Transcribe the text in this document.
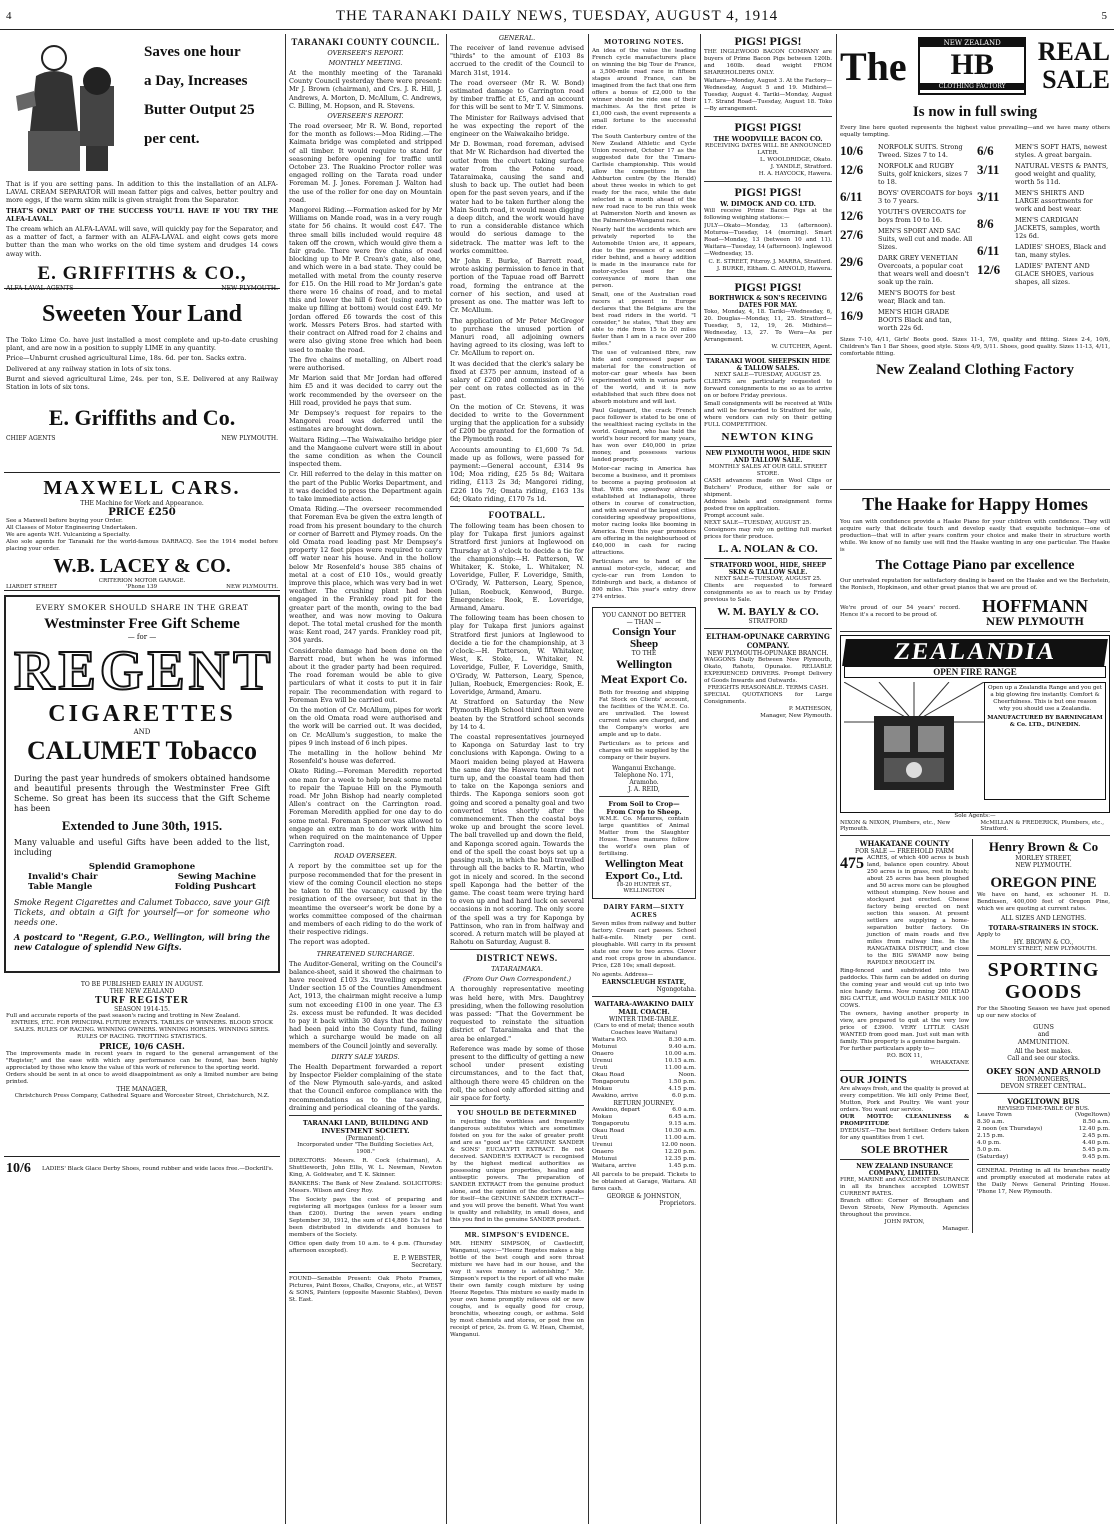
4	THE TARANAKI DAILY NEWS, TUESDAY, AUGUST 4, 1914	5
Saves one hour
a Day, Increases
Butter Output 25
per cent.
That is if you are setting pans. In addition to this the installation of an ALFA-LAVAL CREAM SEPARATOR will mean fatter pigs and calves, better poultry and more eggs, if the warm skim milk is given straight from the Separator.
THAT'S ONLY PART OF THE SUCCESS YOU'LL HAVE IF YOU TRY THE ALFA-LAVAL.
The cream which an ALFA-LAVAL will save, will quickly pay for the Separator, and as a matter of fact, a farmer with an ALFA-LAVAL and eight cows gets more butter than the man who works on the old time system and drudges 14 cows away with.
E. GRIFFITHS & CO.,
ALFA-LAVAL AGENTS	NEW PLYMOUTH.
Sweeten Your Land
The Toko Lime Co. have just installed a most complete and up-to-date crushing plant, and are now in a position to supply LIME in any quantity.
Price—Unburnt crushed agricultural Lime, 18s. 6d. per ton. Sacks extra.
Delivered at any railway station in lots of six tons.
Burnt and sieved agricultural Lime, 24s. per ton, S.E. Delivered at any Railway Station in lots of six tons.
E. Griffiths and Co.
CHIEF AGENTS	NEW PLYMOUTH.
MAXWELL CARS.
THE Machine for Work and Appearance.
PRICE £250
See a Maxwell before buying your Order.
All Classes of Motor Engineering Undertaken.
We are agents W.H. Vulcanizing a Specialty.
Also sole agents for Taranaki for the world-famous DARRACQ. See the 1914 model before placing your order.
W.B. LACEY & CO.
CRITERION MOTOR GARAGE.
LIARDET STREET	'Phone 139	NEW PLYMOUTH.
EVERY SMOKER SHOULD SHARE IN THE GREAT
Westminster Free Gift Scheme
— for —
REGENT
CIGARETTES
AND
CALUMET Tobacco
During the past year hundreds of smokers obtained handsome and beautiful presents through the Westminster Free Gift Scheme. So great has been its success that the Gift Scheme has been
Extended to June 30th, 1915.
Many valuable and useful Gifts have been added to the list, including
Splendid Gramophone
Invalid's Chair	Sewing Machine
Table Mangle	Folding Pushcart
Smoke Regent Cigarettes and Calumet Tobacco, save your Gift Tickets, and obtain a Gift for yourself—or for someone who needs one.
A postcard to "Regent, G.P.O., Wellington, will bring the new Catalogue of splendid New Gifts.
TO BE PUBLISHED EARLY IN AUGUST.
THE NEW ZEALAND
TURF REGISTER
SEASON 1914-15.
Full and accurate reports of the past season's racing and trotting in New Zealand.
ENTRIES, ETC. FOR PRINCIPAL FUTURE EVENTS. TABLES OF WINNERS. BLOOD STOCK SALES. RULES OF RACING. WINNING OWNERS. WINNING HORSES. WINNING SIRES. RULES OF RACING. TROTTING STATISTICS.
PRICE, 10/6 CASH.
The improvements made in recent years in regard to the general arrangement of the "Register," and the ease with which any performance can be found, has been highly appreciated by those who know the value of this work of reference to the sporting world.
Orders should be sent in at once to avoid disappointment as only a limited number are being printed.
THE MANAGER,
Christchurch Press Company, Cathedral Square and Worcester Street, Christchurch, N.Z.
10/6	LADIES' Black Glace Derby Shoes, round rubber and wide laces free.—Dockrill's.
TARANAKI COUNTY COUNCIL.
OVERSEER'S REPORT.
MONTHLY MEETING.
At the monthly meeting of the Taranaki County Council yesterday there were present: Mr J. Brown (chairman), and Crs. J. R. Hill, J. Andrews, A. Morton, D. McAllum, C. Andrews, C. Billing, M. Hopson, and R. Stevens.
OVERSEER'S REPORT.
The road overseer, Mr R. W. Bond, reported for the month as follows:—Moa Riding.—The Kaimata bridge was completed and stripped of all timber. It would require to stand for seasoning before opening for traffic until October 23. The Ruakino Proctor roller was engaged rolling on the Tarata road under Foreman M. J. Jones. Foreman J. Walton had the use of the roller for one day on Mountain road.
Mangorei Riding.—Formation asked for by Mr Williams on Mande road, was in a very rough state for 56 chains. It would cost £47. The three small bills included would require 48 taken off the crown, which would give them a fair grade. There were five chains of road blocking up to Mr P. Crean's gate, also one, and which were in a bad state. They could be metalled with metal from the county reserve for £15. On the Hill road to Mr Jordan's gate there were 16 chains of road, and to metal this and lower the hill 6 feet (using earth to make up filling at bottom) would cost £49. Mr Jordan offered £6 towards the cost of this work. Messrs Peters Bros. had started with their contract on Alfred road for 2 chains and were also giving stone free which had been used to make the road.
The five chains of metalling, on Albert road were authorised.
Mr Marion said that Mr Jordan had offered him £5 and it was decided to carry out the work recommended by the overseer on the Hill road, provided he pays that sum.
Mr Dempsey's request for repairs to the Mangorei road was deferred until the estimates are brought down.
Waitara Riding.—The Waiwakaiho bridge pier and the Mangaone culvert were still in about the same condition as when the Council inspected them.
Cr. Hill referred to the delay in this matter on the part of the Public Works Department, and it was decided to press the Department again to take immediate action.
Omata Riding.—The overseer recommended that Foreman Eva be given the extra length of road from his present boundary to the church or corner of Barrett and Plymey roads. On the old Omata road leading past Mr Dempsey's property 12 feet pipes were required to carry off water near his house. And in the hollow below Mr Rosenfeld's house 385 chains of metal at a cost of £10 10s., would greatly improve this place, which was very bad in wet weather. The crushing plant had been engaged in the Frankley road pit for the greater part of the month, owing to the bad weather, and was now moving to Oakura depot. The total metal crushed for the month was: Kent road, 247 yards. Frankley road pit, 304 yards.
Considerable damage had been done on the Barrett road, but when he was informed about it the grader party had been required. The road foreman would be able to give particulars of what it costs to put it in fair repair. The recommendation with regard to Foreman Eva will be carried out.
On the motion of Cr. McAllum, pipes for work on the old Omata road were authorised and the work will be carried out. It was decided, on Cr. McAllum's suggestion, to make the pipes 9 inch instead of 6 inch pipes.
The metalling in the hollow behind Mr Rosenfeld's house was deferred.
Okato Riding.—Foreman Meredith reported one man for a week to help break some metal to repair the Tapuae Hill on the Plymouth road. Mr John Bishop had nearly completed Allen's contract on the Carrington road. Foreman Meredith applied for one day to do some metal. Foreman Spencer was allowed to engage an extra man to do work with him when required on the maintenance of Upper Carrington road.
ROAD OVERSEER.
A report by the committee set up for the purpose recommended that for the present in view of the coming Council election no steps be taken to fill the vacancy caused by the resignation of the overseer, but that in the meantime the overseer's work be done by a works committee composed of the chairman and members of each riding to do the work of their respective ridings.
The report was adopted.
THREATENED SURCHARGE.
The Auditor-General, writing on the Council's balance-sheet, said it showed the chairman to have received £103 2s. travelling expenses. Under section 15 of the Counties Amendment Act, 1913, the chairman might receive a lump sum not exceeding £100 in one year. The £3 2s. excess must be refunded. It was decided to pay it back within 30 days that the money had been paid into the County fund, failing which a surcharge would be made on all members of the Council jointly and severally.
DIRTY SALE YARDS.
The Health Department forwarded a report by Inspector Fielder complaining of the state of the New Plymouth sale-yards, and asked that the Council enforce compliance with the recommendations as to the tar-sealing, draining and periodical cleaning of the yards.
TARANAKI LAND, BUILDING AND INVESTMENT SOCIETY.
(Permanent).
Incorporated under "The Building Societies Act, 1908."
DIRECTORS: Messrs. R. Cock (chairman), A. Shuttleworth, John Ellis, W. L. Newman, Newton King, A. Goldwater, and T. K. Skinner.
BANKERS: The Bank of New Zealand. SOLICITORS: Messrs. Wilson and Grey Roy.
The Society pays the cost of preparing and registering all mortgages (unless for a lesser sum than £200). During the seven years ending September 30, 1912, the sum of £14,886 12s 1d had been distributed in dividends and bonuses to members of the Society.
Office open daily from 10 a.m. to 4 p.m. (Thursday afternoon excepted).
E. P. WEBSTER,
Secretary.
FOUND—Sensible Present: Oak Photo Frames, Pictures, Paint Boxes, Chalks, Crayons, etc., at WEST & SONS, Painters (opposite Masonic Stables), Devon St. East.
GENERAL.
The receiver of land revenue advised "thirds" to the amount of £103 8s accrued to the credit of the Council to March 31st, 1914.
The road overseer (Mr R. W. Bond) estimated damage to Carrington road by timber traffic at £5, and an account for this will be sent to Mr T. V. Simmons.
The Minister for Railways advised that he was expecting the report of the engineer on the Waiwakaiho bridge.
Mr D. Bowman, road foreman, advised that Mr W. Richardson had diverted the outlet from the culvert taking surface water from the Potone road, Tataraimaka, causing the sand and slush to back up. The outlet had been open for the past seven years, and if the water had to be taken further along the Main South road, it would mean digging a deep ditch, and the work would have to run a considerable distance which would do serious damage to the sidetrack. The matter was left to the works committee.
Mr John E. Burke, of Barrett road, wrote asking permission to fence in that portion of the Tapuae road off Barrett road, forming the entrance at the corner of his section, and used at present as one. The matter was left to Cr. McAllum.
The application of Mr Peter McGregor to purchase the unused portion of Manuri road, all adjoining owners having agreed to its closing, was left to Cr. McAllum to report on.
It was decided that the clerk's salary be fixed at £375 per annum, instead of a salary of £200 and commission of 2½ per cent on rates collected as in the past.
On the motion of Cr. Stevens, it was decided to write to the Government urging that the application for a subsidy of £200 be granted for the formation of the Plymouth road.
Accounts amounting to £1,600 7s 5d. made up as follows, were passed for payment:—General account, £314 9s 10d; Moa riding, £25 5s 8d; Waitara riding, £113 2s 3d; Mangorei riding, £226 10s 7d; Omata riding, £163 13s 6d; Okato riding, £170 7s 1d.
FOOTBALL.
The following team has been chosen to play for Tukapa first juniors against Stratford first juniors at Inglewood on Thursday at 3 o'clock to decide a tie for the championship:—H. Patterson, W. Whitaker, K. Stoke, L. Whitaker, N. Loveridge, Fuller, F. Loveridge, Smith, O'Grady, W. Patterson, Leary, Spence, Julian, Roebuck, Kenwood, Burge. Emergencies: Rook, E. Loveridge, Armand, Amaru.
The following team has been chosen to play for Tukapa first juniors against Stratford first juniors at Inglewood to decide a tie for the championship, at 3 o'clock:—H. Patterson, W. Whitaker, West, K. Stoke, L. Whitaker, N. Loveridge, Fuller, F. Loveridge, Smith, O'Grady, W. Patterson, Leary, Spence, Julian, Roebuck, Emergencies: Rook, E. Loveridge, Armand, Amaru.
At Stratford on Saturday the New Plymouth High School third fifteen were beaten by the Stratford school seconds by 14 to 4.
The coastal representatives journeyed to Kaponga on Saturday last to try conclusions with Kaponga. Owing to a Maori maiden being played at Hawera the same day the Hawera team did not turn up, and the coastal team had then to take on the Kaponga seniors and thirds. The Kaponga seniors soon got going and scored a penalty goal and two converted tries shortly after the commencement. Then the coastal boys woke up and brought the score level. The ball travelled up and down the field, and Kaponga scored again. Towards the end of the spell the coast boys set up a passing rush, in which the ball travelled through all the backs to R. Martin, who got in nicely and scored. In the second spell Kaponga had the better of the game. The coast team were trying hard to even up and had hard luck on several occasions in not scoring. The only score of the spell was a try for Kaponga by Pattinson, who ran in from halfway and scored. A return match will be played at Rahotu on Saturday, August 8.
DISTRICT NEWS.
TATARAIMAKA.
(From Our Own Correspondent.)
A thoroughly representative meeting was held here, with Mrs. Daughtrey presiding, when the following resolution was passed: "That the Government be requested to reinstate the situation district of Tataraimaka and that the area be enlarged."
Reference was made by some of those present to the difficulty of getting a new school under present existing circumstances, and to the fact that, although there were 45 children on the roll, the school only afforded sitting and air space for forty.
YOU SHOULD BE DETERMINED
in rejecting the worthless and frequently dangerous substitutes which are sometimes foisted on you for the sake of greater profit and are as "good as" the GENUINE SANDER & SONS' EUCALYPTI EXTRACT. Be not deceived. SANDER'S EXTRACT is recognised by the highest medical authorities as possessing unique properties, healing and antiseptic powers. The preparation of SANDER EXTRACT from the genuine product alone, and the opinion of the doctors speaks for itself—the GENUINE SANDER EXTRACT—and you will prove the benefit. What You want is quality and reliability, in small doses, and this you find in the genuine SANDER product.
MR. SIMPSON'S EVIDENCE.
MR. HENRY SIMPSON, of Castlecliff, Wanganui, says:—"Heenz Regetes makes a big bottle of the best cough and sore throat mixture we have had in our house, and the way it saves money is astonishing." Mr. Simpson's report is the report of all who make their own family cough mixture by using Heenz Regetes. This mixture so easily made in your own home promptly relieves old or new coughs, and is equally good for croup, bronchitis, wheezing cough, or asthma. Sold by most chemists and stores, or post free on receipt of price, 2s. from G. W. Hean, Chemist, Wanganui.
MOTORING NOTES.
An idea of the value the leading French cycle manufacturers place on winning the big Tour de France, a 3,500-mile road race in fifteen stages around France, can be imagined from the fact that one firm offers a bonus of £2,000 to the winner should be ride one of their machines. As the first prize is £1,000 cash, the event represents a small fortune to the successful rider.
The South Canterbury centre of the New Zealand Athletic and Cycle Union received, October 17 as the suggested date for the Timaru-Carlisle championship. This would allow the competitors in the Ashburton centre (by the Herald) about three weeks in which to get ready for the race, while the date selected in a month ahead of the new road race to be run this week at Palmerston North and known as the Palmerston-Wanganui race.
Nearly half the accidents which are privately reported to the Automobile Union are, it appears, due to the presence of a second rider behind, and a heavy addition is made in the insurance rate for motor-cycles used for the conveyance of more than one person.
Small, one of the Australian road racers at present in Europe declares that the Belgians are the best road riders in the world. "I consider," he states, "that they are able to ride from 15 to 20 miles faster than I am in a race over 200 miles."
The use of vulcanised fibre, raw hide and compressed paper as material for the construction of motor-car gear wheels has been experimented with in various parts of the world, and it is now established that such fibre does not absorb moisture and will last.
Paul Guignard, the crack French pace follower is stated to be one of the wealthiest racing cyclists in the world. Guignard, who has held the world's hour record for many years, has won over £40,000 in prize money, and possesses various landed property.
Motor-car racing in America has become a business, and it promises to become a paying profession at that. With one speedway already established at Indianapolis, three others in course of construction, and with several of the largest cities considering speedway propositions, motor racing looks like booming in America. Even this year promoters are offering in the neighbourhood of £40,000 in cash for racing attractions.
Particulars are to hand of the annual motor-cycle, sidecar, and cycle-car run from London to Edinburgh and back, a distance of 800 miles. This year's entry drew 274 entries.
YOU CANNOT DO BETTER
— THAN —
Consign Your Sheep
TO THE
Wellington
Meat Export Co.
Both for freezing and shipping Fat Stock on Clients' account, the facilities of the W.M.E. Co. are unrivalled. The lowest current rates are charged, and the Company's works are ample and up to date.
Particulars as to prices and charges will be supplied by the company or their buyers.
Wanganui Exchange.
Telephone No. 171,
Aramoho.
J. A. REID,
From Soil to Crop—From Crop to Sheep.
W.M.E. Co. Manures, contain large quantities of Animal Matter from the Slaughter House. These manures follow the world's own plan of fertilising.
Wellington Meat
Export Co., Ltd.
18-20 HUNTER ST., WELLINGTON
DAIRY FARM—SIXTY ACRES
Seven miles from railway and butter factory. Cream cart passes. School half-a-mile. Ninety per cent. ploughable. Will carry in its present state one cow to two acres. Clover and root crops grow in abundance. Price, £28 10s; small deposit.
No agents. Address—
EARNSCLEUGH ESTATE,
Ngongotaha.
WAITARA-AWAKINO DAILY MAIL COACH.
WINTER TIME-TABLE.
(Cars to end of metal; thence south Coaches leave Waitara)
Waitara P.O.	8.30 a.m.
Motunui	9.40 a.m.
Onaero	10.00 a.m.
Urenui	10.15 a.m.
Uruti	11.00 a.m.
Okau Road	Noon.
Tongaporutu	1.50 p.m.
Mokau	4.15 p.m.
Awakino, arrive	6.0 p.m.
RETURN JOURNEY.
Awakino, depart	6.0 a.m.
Mokau	6.45 a.m.
Tongaporutu	9.15 a.m.
Okau Road	10.30 a.m.
Uruti	11.00 a.m.
Urenui	12.00 noon.
Onaero	12.20 p.m.
Motunui	12.35 p.m.
Waitara, arrive	1.45 p.m.
All parcels to be prepaid. Tickets to be obtained at Garage, Waitara. All fares cash.
GEORGE & JOHNSTON,
Proprietors.
PIGS! PIGS!
THE INGLEWOOD BACON COMPANY are buyers of Prime Bacon Pigs between 120lb. and 160lb. dead weight FROM SHAREHOLDERS ONLY.
Waitara—Monday, August 3. At the Factory—Wednesday, August 5 and 19. Midhirst—Tuesday, August 4. Tariki—Monday, August 17. Strand Road—Tuesday, August 18. Toko—By arrangement.
PIGS! PIGS!
THE WOODVILLE BACON CO.
RECEIVING DATES WILL BE ANNOUNCED LATER.
L. WOOLDRIDGE, Okato.
J. YANDLE, Stratford.
H. A. HAYCOCK, Hawera.
PIGS! PIGS!
W. DIMOCK AND CO. LTD.
Will receive Prime Bacon Pigs at the following weighing stations:—
JULY—Okato—Monday, 13 (afternoon). Moturoa—Tuesday, 14 (morning). Smart Road—Monday, 13 (between 10 and 11). Waitara—Tuesday, 14 (afternoon). Inglewood—Wednesday, 15.
C. E. STREET, Fitzroy. J. MARRA, Stratford. J. BURKE, Eltham. C. ARNOLD, Hawera.
PIGS! PIGS!
BORTHWICK & SON'S RECEIVING DATES FOR MAY.
Toko, Monday, 4, 18. Tariki—Wednesday, 6, 20. Douglas—Monday, 11, 25. Stratford—Tuesday, 5, 12, 19, 26. Midhirst—Wednesday, 13, 27. To Wera—As per Arrangement.
W. CUTCHER, Agent.
TARANAKI WOOL SHEEPSKIN HIDE & TALLOW SALES.
NEXT SALE—TUESDAY, AUGUST 25.
CLIENTS are particularly requested to forward consignments to me so as to arrive on or before Friday previous.
Small consignments will be received at Wills and will be forwarded to Stratford for sale, where vendors can rely on their getting FULL COMPETITION.
NEWTON KING
NEW PLYMOUTH WOOL, HIDE SKIN AND TALLOW SALE.
MONTHLY SALES AT OUR GILL STREET STORE.
CASH advances made on Wool Clips or Butchers' Produce, either for sale or shipment.
Address labels and consignment forms posted free on application.
Prompt account sale.
NEXT SALE—TUESDAY, AUGUST 25.
Consignors may rely on getting full market prices for their produce.
L. A. NOLAN & CO.
STRATFORD WOOL, HIDE, SHEEP SKIN & TALLOW SALE.
NEXT SALE—TUESDAY, AUGUST 25.
Clients are requested to forward consignments so as to reach us by Friday previous to Sale.
W. M. BAYLY & CO.
STRATFORD
ELTHAM-OPUNAKE CARRYING COMPANY.
NEW PLYMOUTH-OPUNAKE BRANCH.
WAGGONS Daily Between New Plymouth, Okato, Rahotu, Opunake. RELIABLE EXPERIENCED DRIVERS. Prompt Delivery of Goods Inwards and Outwards.
FREIGHTS REASONABLE. TERMS CASH.
SPECIAL QUOTATIONS for Large Consignments.
P. MATHESON,
Manager, New Plymouth.
The
NEW ZEALAND
HB
CLOTHING FACTORY
REAL
SALE
Is now in full swing
Every line here quoted represents the highest value prevailing—and we have many others equally tempting.
10/6	NORFOLK SUITS. Strong Tweed. Sizes 7 to 14.
12/6	NORFOLK and RUGBY Suits, golf knickers, sizes 7 to 18.
6/11	BOYS' OVERCOATS for boys 3 to 7 years.
12/6	YOUTH'S OVERCOATS for boys from 10 to 16.
27/6	MEN'S SPORT AND SAC Suits, well cut and made. All Sizes.
29/6	DARK GREY VENETIAN Overcoats, a popular coat that wears well and doesn't soak up the rain.
12/6	MEN'S BOOTS for best wear, Black and tan.
16/9	MEN'S HIGH GRADE BOOTS Black and tan, worth 22s 6d.
6/6	MEN'S SOFT HATS, newest styles. A great bargain.
3/11	NATURAL VESTS & PANTS, good weight and quality, worth 5s 11d.
3/11	MEN'S SHIRTS AND LARGE assortments for work and best wear.
8/6	MEN'S CARDIGAN JACKETS, samples, worth 12s 6d.
6/11	LADIES' SHOES, Black and tan, many styles.
12/6	LADIES' PATENT AND GLACE SHOES, various shapes, all sizes.
Sizes 7-10, 4/11, Girls' Boots good. Sizes 11-1, 7/6, quality and fitting. Sizes 2-4, 10/6, Children's Tan 1 Bar Shoes, good style. Sizes 4/9, 5/11. Shoes, good quality. Sizes 11-13, 4/11, comfortable fitting.
New Zealand Clothing Factory
The Haake for Happy Homes
You can with confidence provide a Haake Piano for your children with confidence. They will acquire early that delicate touch and develop easily that exquisite technique—one of production—that will in after years confirm your choice and make their in structure worth while. We know of no family use will find the Haake wanting in any one particular. The Haake is
The Cottage Piano par excellence
Our unrivaled reputation for satisfactory dealing is based on the Haake and we the Bechstein, the Ronisch, Hopkinson, and other great pianos that we are proud of.
We're proud of our 54 years' record. Hence it's a record to be proud of.	HOFFMANN
NEW PLYMOUTH
ZEALANDIA
OPEN FIRE RANGE
Open up a Zealandia Range and you get a big glowing fire instantly. Comfort & Cheerfulness. This is but one reason why you should use a Zealandia.
MANUFACTURED BY BARNINGHAM & Co. LTD., DUNEDIN.
Sole Agents:—
NIXON & NIXON, Plumbers, etc., New Plymouth.
McMILLAN & FREDERICK, Plumbers, etc., Stratford.
WHAKATANE COUNTY
FOR SALE — FREEHOLD FARM
475 ACRES, of which 400 acres is bush land, balance open country. About 250 acres is in grass, rest in bush; about 25 acres has been ploughed and 50 acres more can be ploughed without stumping. New house and stockyard just erected. Cheese factory being erected on next section this season. At present settlers are supplying a home-separation butter factory. On junction of main roads and five miles from railway line. In the RANGATAIKA DISTRICT, and close to the BIG SWAMP now being RAPIDLY BROUGHT IN.
Ring-fenced and subdivided into two paddocks. This farm can be added on during the coming year and would cut up into two nice handy farms. Now running 200 HEAD BIG CATTLE, and WOULD EASILY MILK 100 COWS.
The owners, having another property in view, are prepared to quit at the very low price of £3900. VERY LITTLE CASH WANTED from good man. Just suit man with family. This property is a genuine bargain.
For further particulars apply to—
P.O. BOX 11,
WHAKATANE
OUR JOINTS
Are always fresh, and the quality is proved at every competition. We kill only Prime Beef, Mutton, Pork and Poultry. We want your orders. You want our service.
OUR MOTTO: CLEANLINESS & PROMPTITUDE
DYEDUST.—The best fertiliser. Orders taken for any quantities from 1 cwt.
SOLE BROTHER
NEW ZEALAND INSURANCE COMPANY, LIMITED.
FIRE, MARINE and ACCIDENT INSURANCE in all its branches accepted LOWEST CURRENT RATES.
Branch office: Corner of Brougham and Devon Streets, New Plymouth. Agencies throughout the province.
JOHN PATON,
Manager.
Henry Brown & Co
MORLEY STREET,
NEW PLYMOUTH.
OREGON PINE
We have on hand, ex schooner H. D. Bendixsen, 400,000 feet of Oregon Pine, which we are quoting at current rates.
ALL SIZES AND LENGTHS.
TOTARA-STRAINERS IN STOCK.
Apply to
HY. BROWN & CO.,
MORLEY STREET, NEW PLYMOUTH.
SPORTING GOODS
For the Shooting Season we have just opened up our new stocks of
GUNS
and
AMMUNITION.
All the best makes.
Call and see our stocks.
OKEY SON AND ARNOLD
IRONMONGERS,
DEVON STREET CENTRAL.
VOGELTOWN BUS
REVISED TIME-TABLE OF BUS.
Leave Town	(Vogeltown)
8.30 a.m.	8.50 a.m.
2 noon (ex Thursdays)	12.40 p.m.
2.15 p.m.	2.45 p.m.
4.0 p.m.	4.40 p.m.
5.0 p.m.	5.45 p.m.
(Saturday)	9.45 p.m.
GENERAL Printing in all its branches neatly and promptly executed at moderate rates at the Daily News General Printing House. 'Phone 17, New Plymouth.
